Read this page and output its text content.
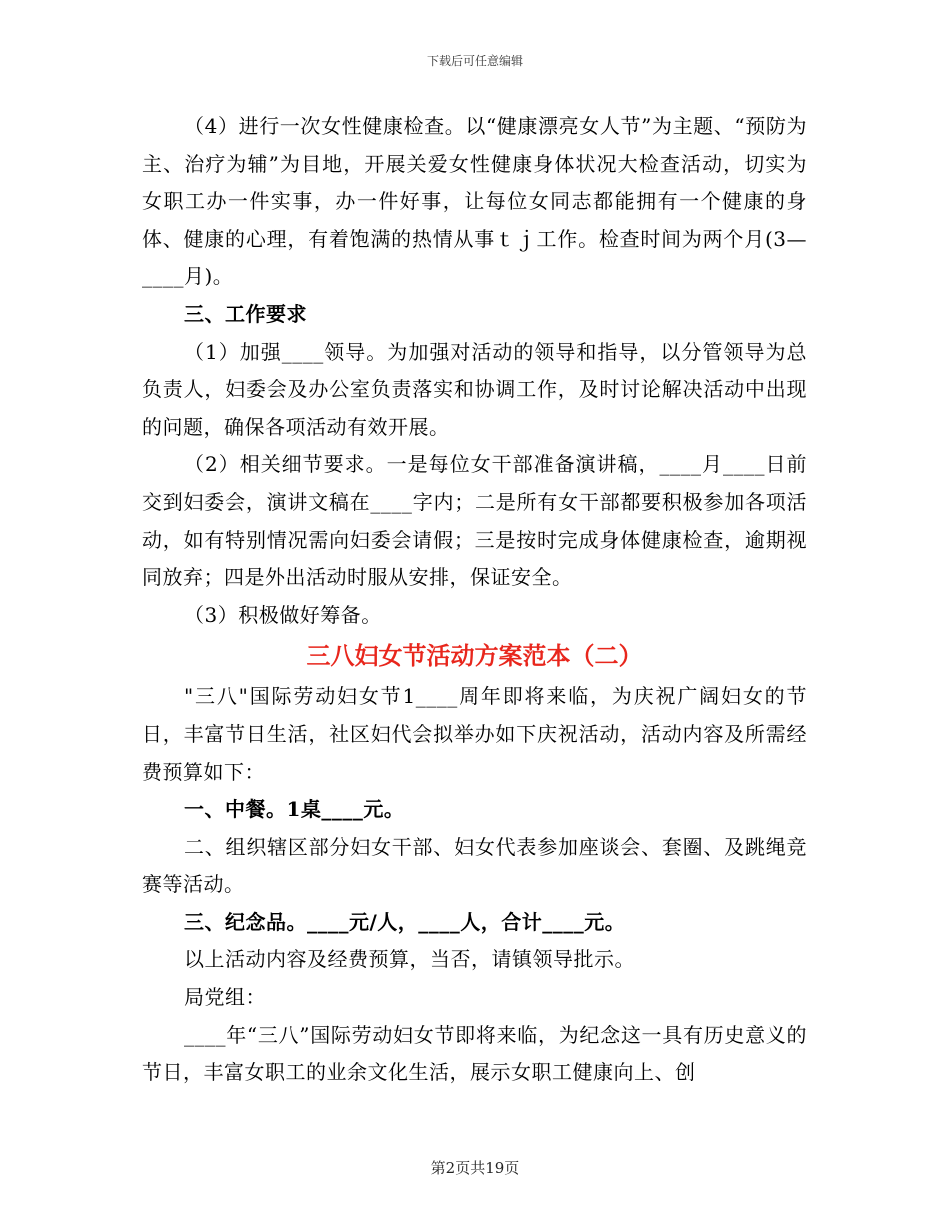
下载后可任意编辑

（4）进行一次女性健康检查。以“健康漂亮女人节”为主题、“预防为主、治疗为辅”为目地，开展关爱女性健康身体状况大检查活动，切实为女职工办一件实事，办一件好事，让每位女同志都能拥有一个健康的身体、健康的心理，有着饱满的热情从事ｔｊ工作。检查时间为两个月(3—____月)。

三、工作要求

（1）加强____领导。为加强对活动的领导和指导，以分管领导为总负责人，妇委会及办公室负责落实和协调工作，及时讨论解决活动中出现的问题，确保各项活动有效开展。

（2）相关细节要求。一是每位女干部准备演讲稿，____月____日前交到妇委会，演讲文稿在____字内；二是所有女干部都要积极参加各项活动，如有特别情况需向妇委会请假；三是按时完成身体健康检查，逾期视同放弃；四是外出活动时服从安排，保证安全。

（3）积极做好筹备。

三八妇女节活动方案范本（二）

"三八"国际劳动妇女节1____周年即将来临，为庆祝广阔妇女的节日，丰富节日生活，社区妇代会拟举办如下庆祝活动，活动内容及所需经费预算如下：

一、中餐。1桌____元。

二、组织辖区部分妇女干部、妇女代表参加座谈会、套圈、及跳绳竞赛等活动。

三、纪念品。____元/人，____人，合计____元。

以上活动内容及经费预算，当否，请镇领导批示。

局党组：

____年“三八”国际劳动妇女节即将来临，为纪念这一具有历史意义的节日，丰富女职工的业余文化生活，展示女职工健康向上、创

第2页共19页
